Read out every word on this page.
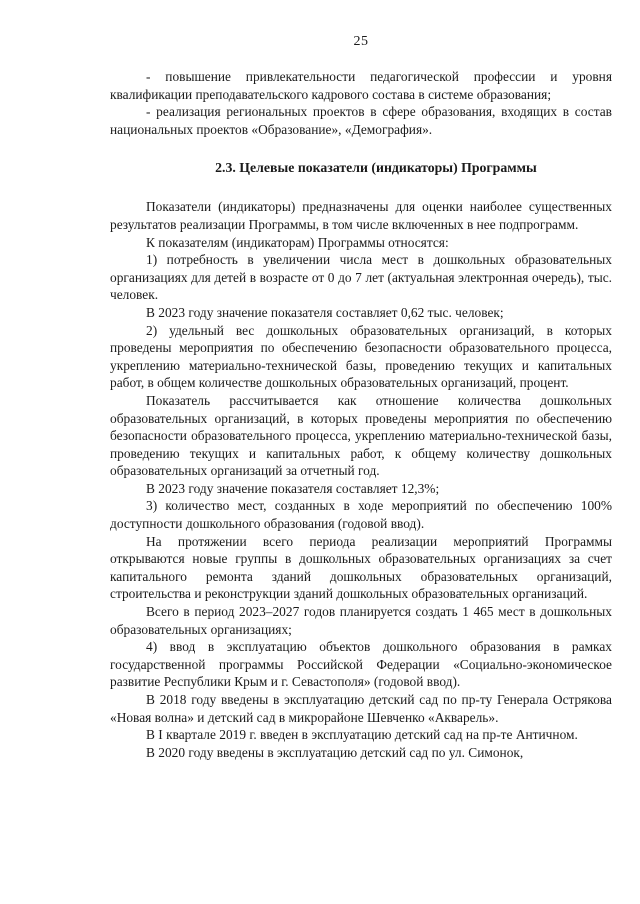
25

- повышение привлекательности педагогической профессии и уровня квалификации преподавательского кадрового состава в системе образования;

- реализация региональных проектов в сфере образования, входящих в состав национальных проектов «Образование», «Демография».

2.3. Целевые показатели (индикаторы) Программы

Показатели (индикаторы) предназначены для оценки наиболее существенных результатов реализации Программы, в том числе включенных в нее подпрограмм.

К показателям (индикаторам) Программы относятся:

1) потребность в увеличении числа мест в дошкольных образовательных организациях для детей в возрасте от 0 до 7 лет (актуальная электронная очередь), тыс. человек.

В 2023 году значение показателя составляет 0,62 тыс. человек;

2) удельный вес дошкольных образовательных организаций, в которых проведены мероприятия по обеспечению безопасности образовательного процесса, укреплению материально-технической базы, проведению текущих и капитальных работ, в общем количестве дошкольных образовательных организаций, процент.

Показатель рассчитывается как отношение количества дошкольных образовательных организаций, в которых проведены мероприятия по обеспечению безопасности образовательного процесса, укреплению материально-технической базы, проведению текущих и капитальных работ, к общему количеству дошкольных образовательных организаций за отчетный год.

В 2023 году значение показателя составляет 12,3%;

3) количество мест, созданных в ходе мероприятий по обеспечению 100% доступности дошкольного образования (годовой ввод).

На протяжении всего периода реализации мероприятий Программы открываются новые группы в дошкольных образовательных организациях за счет капитального ремонта зданий дошкольных образовательных организаций, строительства и реконструкции зданий дошкольных образовательных организаций.

Всего в период 2023–2027 годов планируется создать 1 465 мест в дошкольных образовательных организациях;

4) ввод в эксплуатацию объектов дошкольного образования в рамках государственной программы Российской Федерации «Социально-экономическое развитие Республики Крым и г. Севастополя» (годовой ввод).

В 2018 году введены в эксплуатацию детский сад по пр-ту Генерала Острякова «Новая волна» и детский сад в микрорайоне Шевченко «Акварель».

В I квартале 2019 г. введен в эксплуатацию детский сад на пр-те Античном.

В 2020 году введены в эксплуатацию детский сад по ул. Симонок,
